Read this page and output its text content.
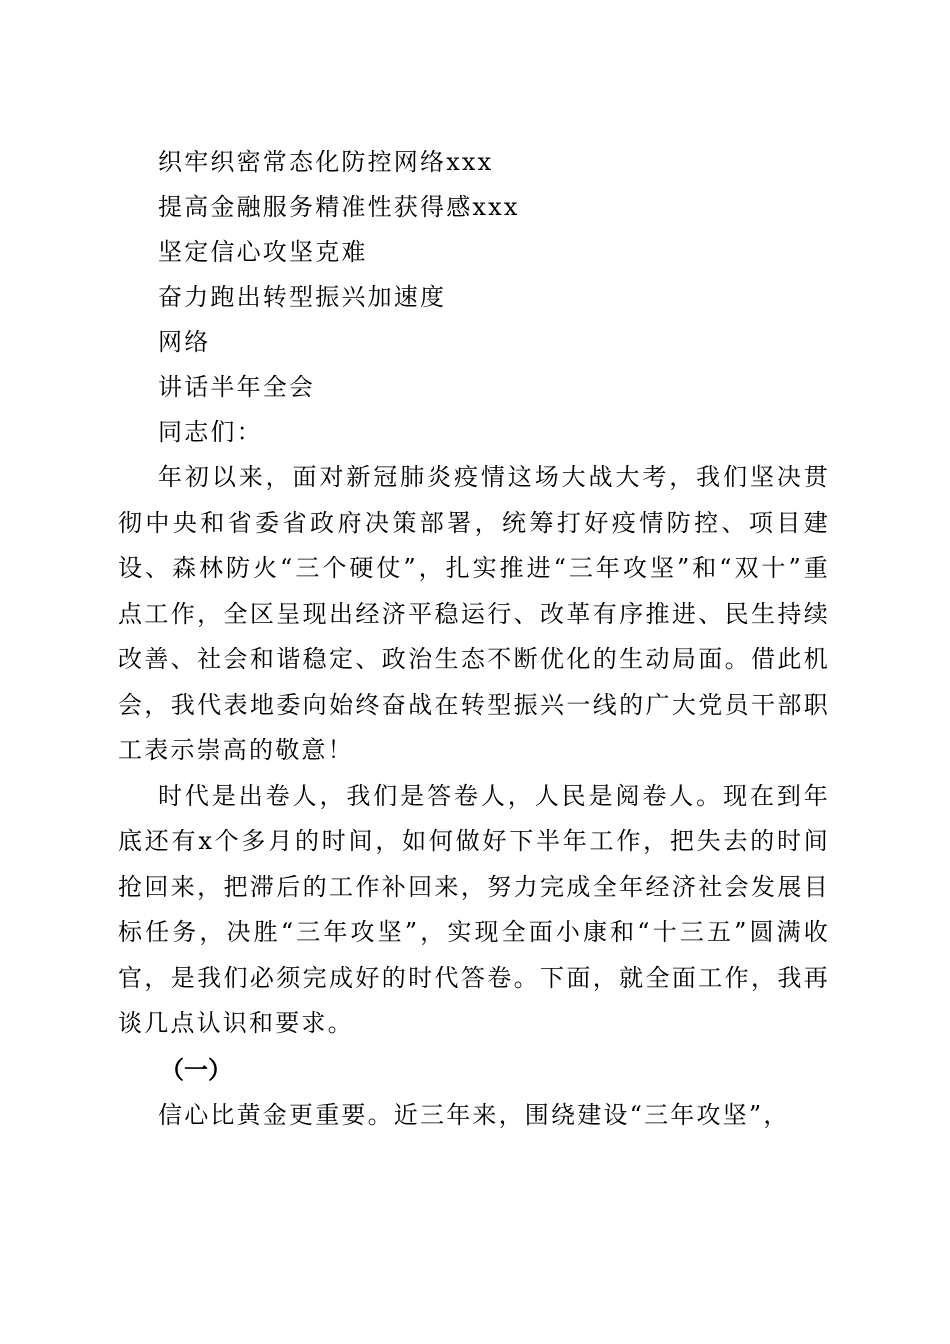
织牢织密常态化防控网络xxx
提高金融服务精准性获得感xxx
坚定信心攻坚克难
奋力跑出转型振兴加速度
网络
讲话半年全会
同志们：

年初以来，面对新冠肺炎疫情这场大战大考，我们坚决贯彻中央和省委省政府决策部署，统筹打好疫情防控、项目建设、森林防火“三个硬仗”，扎实推进“三年攻坚”和“双十”重点工作，全区呈现出经济平稳运行、改革有序推进、民生持续改善、社会和谐稳定、政治生态不断优化的生动局面。借此机会，我代表地委向始终奋战在转型振兴一线的广大党员干部职工表示崇高的敬意！

时代是出卷人，我们是答卷人，人民是阅卷人。现在到年底还有x个多月的时间，如何做好下半年工作，把失去的时间抢回来，把滞后的工作补回来，努力完成全年经济社会发展目标任务，决胜“三年攻坚”，实现全面小康和“十三五”圆满收官，是我们必须完成好的时代答卷。下面，就全面工作，我再谈几点认识和要求。

（一）

信心比黄金更重要。近三年来，围绕建设“三年攻坚”，
